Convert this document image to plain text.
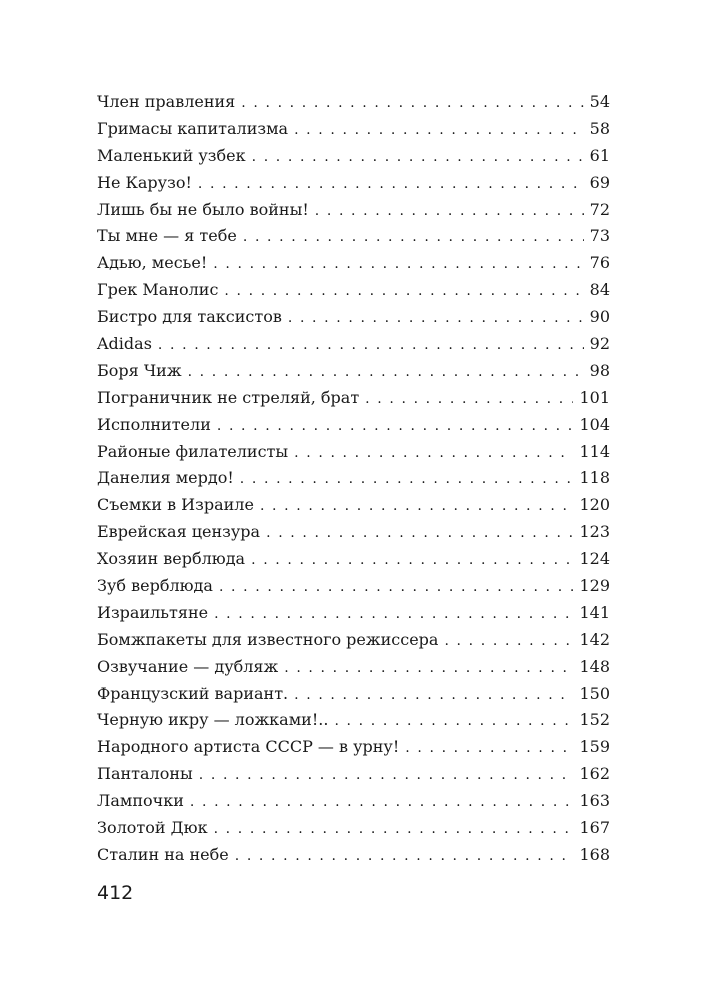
Член правления . . .	54
Гримасы капитализма . . .	58
Маленький узбек . . .	61
Не Карузо! . . .	69
Лишь бы не было войны! . . .	72
Ты мне — я тебе . . .	73
Адью, месье! . . .	76
Грек Манолис . . .	84
Бистро для таксистов . . .	90
Adidas . . .	92
Боря Чиж . . .	98
Пограничник не стреляй, брат . . .	101
Исполнители . . .	104
Районые филателисты . . .	114
Данелия мердо! . . .	118
Съемки в Израиле . . .	120
Еврейская цензура . . .	123
Хозяин верблюда . . .	124
Зуб верблюда . . .	129
Израильтяне . . .	141
Бомжпакеты для известного режиссера . . .	142
Озвучание — дубляж . . .	148
Французский вариант. . . .	150
Черную икру — ложками!.. . . .	152
Народного артиста СССР — в урну! . . .	159
Панталоны . . .	162
Лампочки . . .	163
Золотой Дюк . . .	167
Сталин на небе . . .	168
412
